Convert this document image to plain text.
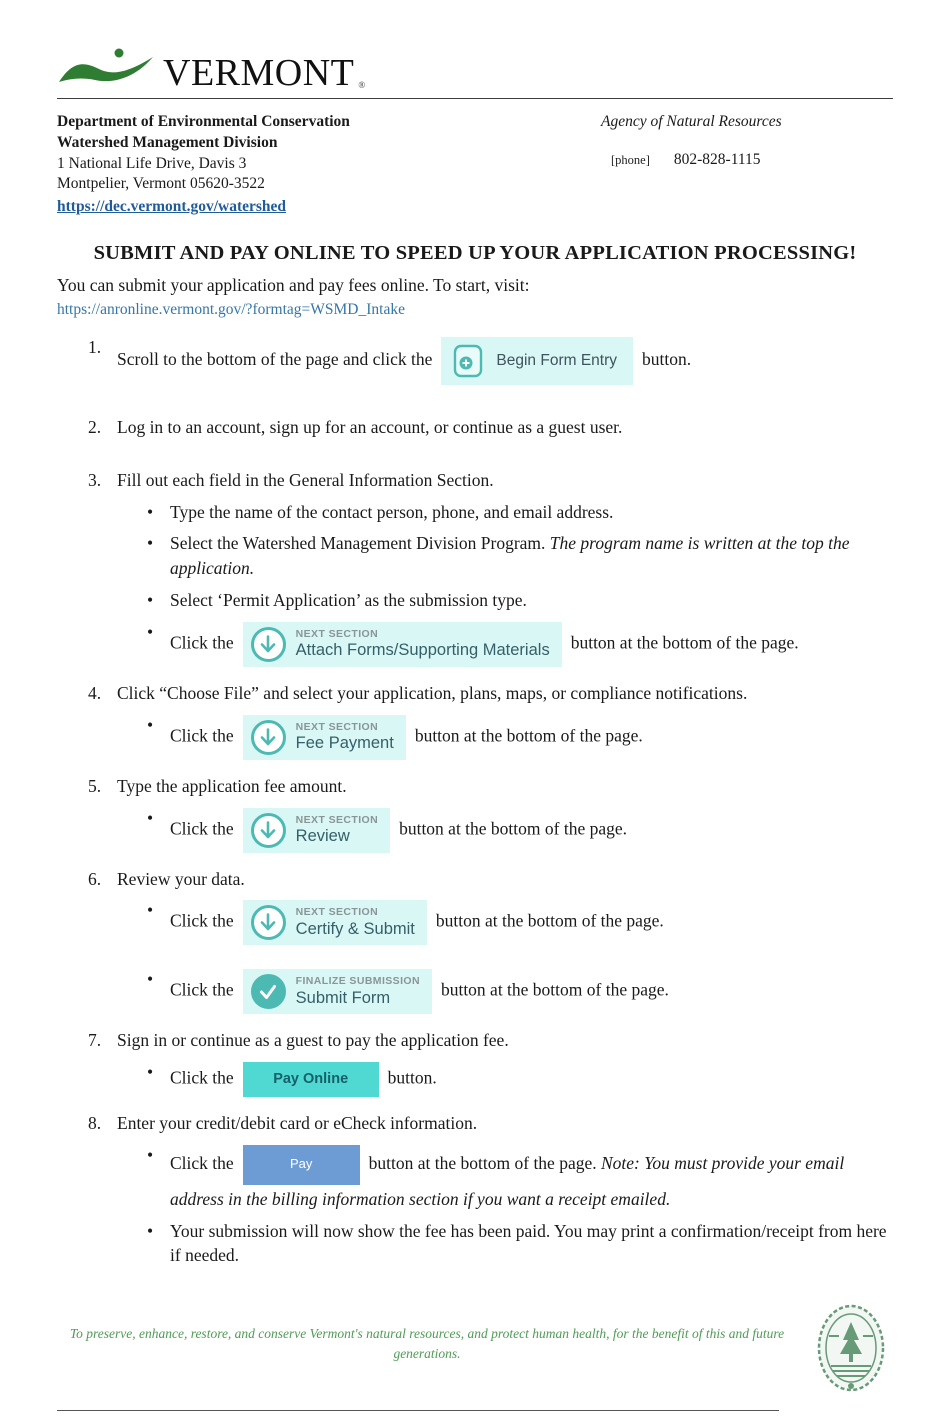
VERMONT ®
Department of Environmental Conservation
Watershed Management Division
1 National Life Drive, Davis 3
Montpelier, Vermont 05620-3522
https://dec.vermont.gov/watershed
Agency of Natural Resources
[phone] 802-828-1115
SUBMIT AND PAY ONLINE TO SPEED UP YOUR APPLICATION PROCESSING!
You can submit your application and pay fees online. To start, visit:
https://anronline.vermont.gov/?formtag=WSMD_Intake
1.
Scroll to the bottom of the page and click the	Begin Form Entry button.
2. Log in to an account, sign up for an account, or continue as a guest user.
3. Fill out each field in the General Information Section.
• Type the name of the contact person, phone, and email address.
• Select the Watershed Management Division Program. The program name is written at the top the application.
• Select ‘Permit Application’ as the submission type.
• Click the	NEXT SECTION
Attach Forms/Supporting Materials button at the bottom of the page.
4. Click “Choose File” and select your application, plans, maps, or compliance notifications.
• Click the	NEXT SECTION
Fee Payment button at the bottom of the page.
5. Type the application fee amount.
• Click the	NEXT SECTION
Review	button at the bottom of the page.
6. Review your data.
• Click the	NEXT SECTION
Certify & Submit button at the bottom of the page.
• Click the	FINALIZE SUBMISSION
Submit Form	button at the bottom of the page.
7. Sign in or continue as a guest to pay the application fee.
• Click the	Pay Online button.
8. Enter your credit/debit card or eCheck information.
• Click the	Pay	button at the bottom of the page. Note: You must provide your email address in the billing information section if you want a receipt emailed.
• Your submission will now show the fee has been paid. You may print a confirmation/receipt from here if needed.
To preserve, enhance, restore, and conserve Vermont's natural resources, and protect human health, for the benefit of this and future generations.
